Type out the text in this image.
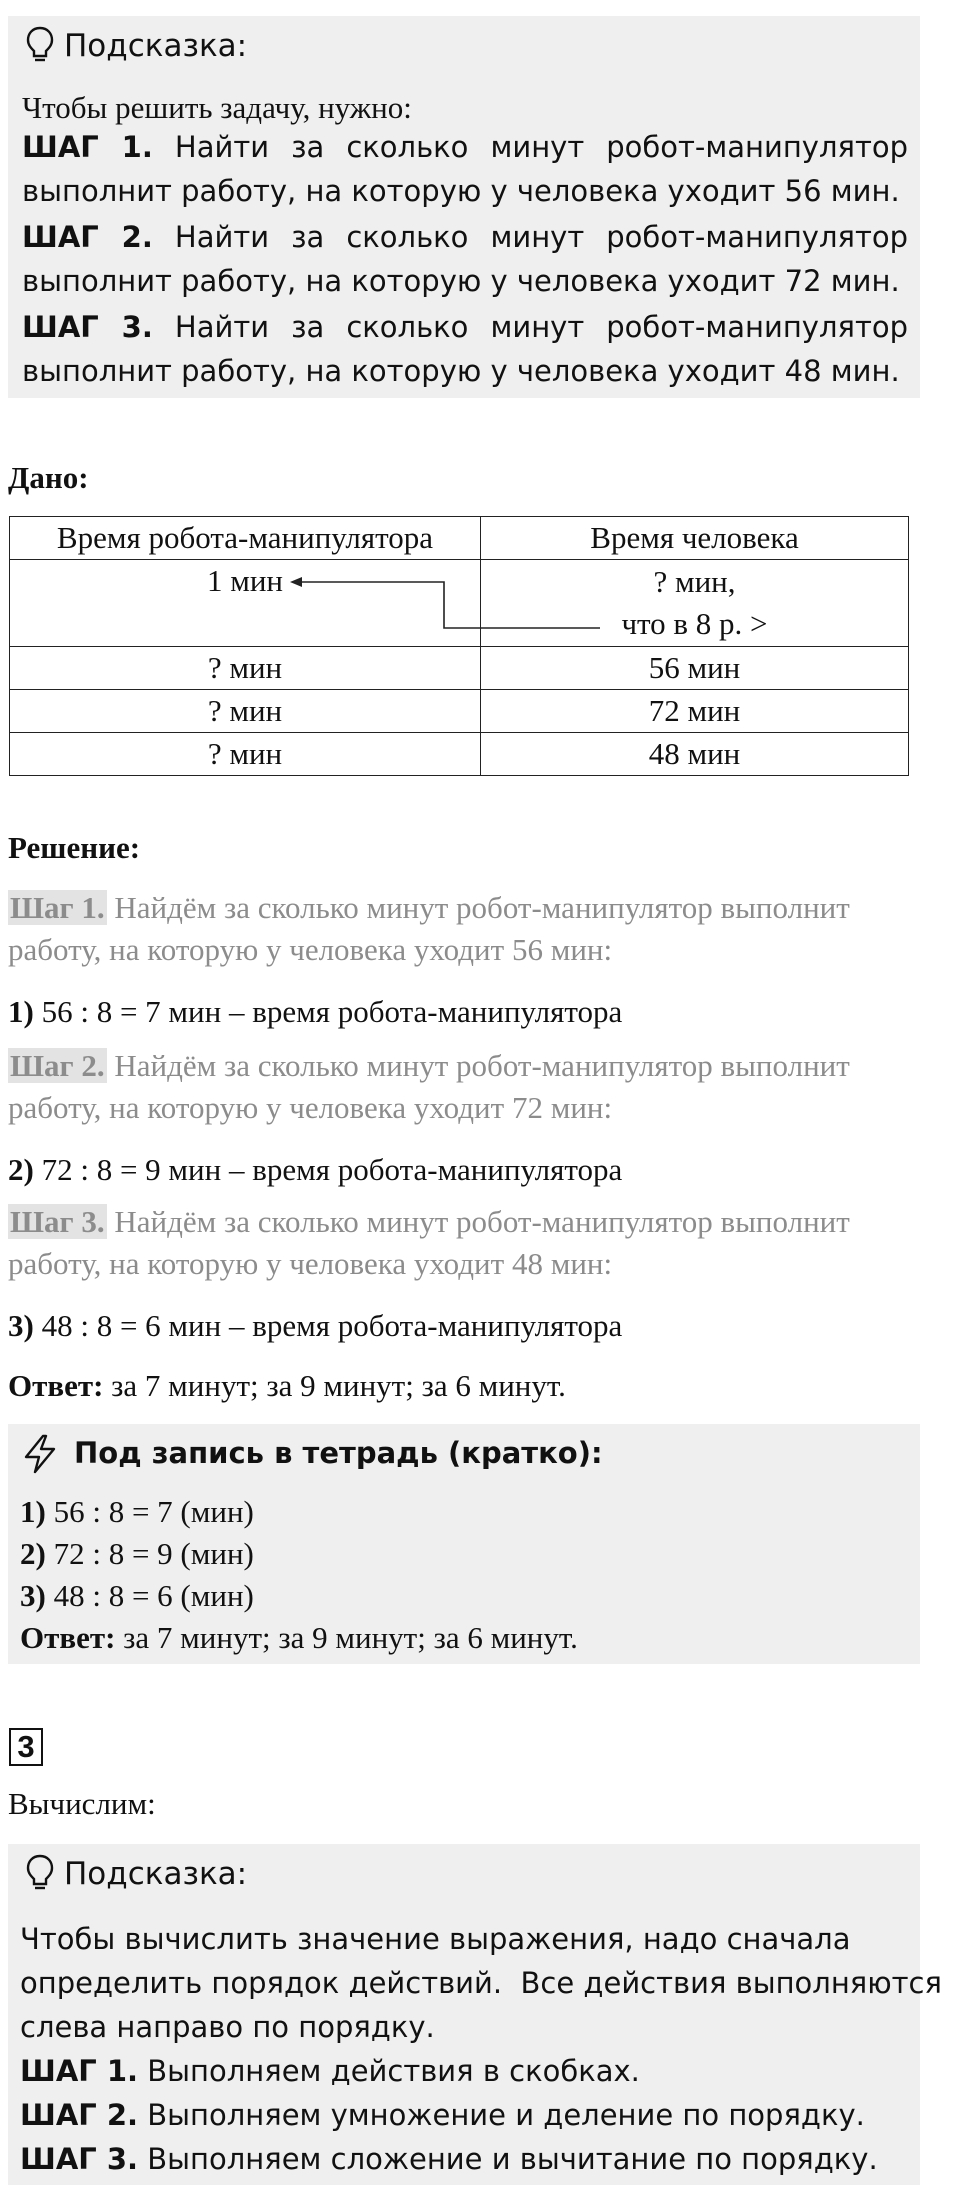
Подсказка:
Чтобы решить задачу, нужно:
ШАГ 1. Найти за сколько минут робот-манипулятор
выполнит работу, на которую у человека уходит 56 мин.
ШАГ 2. Найти за сколько минут робот-манипулятор
выполнит работу, на которую у человека уходит 72 мин.
ШАГ 3. Найти за сколько минут робот-манипулятор
выполнит работу, на которую у человека уходит 48 мин.
Дано:
Время робота-манипулятора	Время человека
1 мин	? мин,
что в 8 р. >

? мин	56 мин
? мин	72 мин
? мин	48 мин
Решение:
Шаг 1. Найдём за сколько минут робот-манипулятор выполнит
работу, на которую у человека уходит 56 мин:
1) 56 : 8 = 7 мин – время робота-манипулятора
Шаг 2. Найдём за сколько минут робот-манипулятор выполнит
работу, на которую у человека уходит 72 мин:
2) 72 : 8 = 9 мин – время робота-манипулятора
Шаг 3. Найдём за сколько минут робот-манипулятор выполнит
работу, на которую у человека уходит 48 мин:
3) 48 : 8 = 6 мин – время робота-манипулятора
Ответ: за 7 минут; за 9 минут; за 6 минут.
Под запись в тетрадь (кратко):
1) 56 : 8 = 7 (мин)
2) 72 : 8 = 9 (мин)
3) 48 : 8 = 6 (мин)
Ответ: за 7 минут; за 9 минут; за 6 минут.
3
Вычислим:
Подсказка:
Чтобы вычислить значение выражения, надо сначала
определить порядок действий.  Все действия выполняются
слева направо по порядку.
ШАГ 1. Выполняем действия в скобках.
ШАГ 2. Выполняем умножение и деление по порядку.
ШАГ 3. Выполняем сложение и вычитание по порядку.
